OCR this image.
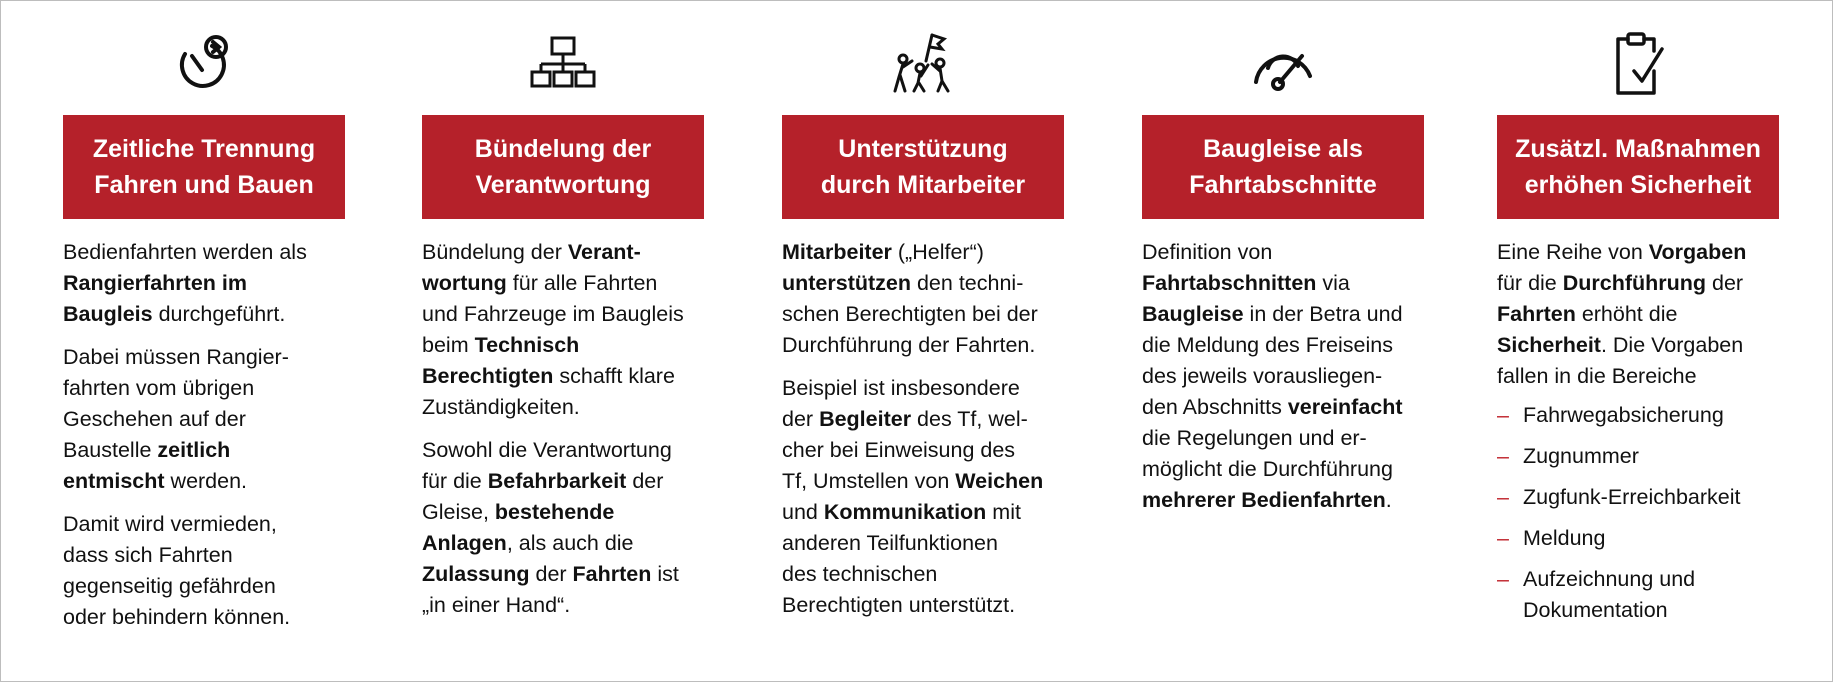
Zeitliche Trennung
Fahren und Bauen

Bedienfahrten werden als
Rangierfahrten im
Baugleis durchgeführt.

Dabei müssen Rangier-
fahrten vom übrigen
Geschehen auf der
Baustelle zeitlich
entmischt werden.

Damit wird vermieden,
dass sich Fahrten
gegenseitig gefährden
oder behindern können.

Bündelung der
Verantwortung

Bündelung der Verant-
wortung für alle Fahrten
und Fahrzeuge im Baugleis
beim Technisch
Berechtigten schafft klare
Zuständigkeiten.

Sowohl die Verantwortung
für die Befahrbarkeit der
Gleise, bestehende
Anlagen, als auch die
Zulassung der Fahrten ist
„in einer Hand“.

Unterstützung
durch Mitarbeiter

Mitarbeiter („Helfer“)
unterstützen den techni-
schen Berechtigten bei der
Durchführung der Fahrten.

Beispiel ist insbesondere
der Begleiter des Tf, wel-
cher bei Einweisung des
Tf, Umstellen von Weichen
und Kommunikation mit
anderen Teilfunktionen
des technischen
Berechtigten unterstützt.

Baugleise als
Fahrtabschnitte

Definition von
Fahrtabschnitten via
Baugleise in der Betra und
die Meldung des Freiseins
des jeweils vorausliegen-
den Abschnitts vereinfacht
die Regelungen und er-
möglicht die Durchführung
mehrerer Bedienfahrten.

Zusätzl. Maßnahmen
erhöhen Sicherheit

Eine Reihe von Vorgaben
für die Durchführung der
Fahrten erhöht die
Sicherheit. Die Vorgaben
fallen in die Bereiche

– Fahrwegabsicherung
– Zugnummer
– Zugfunk-Erreichbarkeit
– Meldung
– Aufzeichnung und
Dokumentation
